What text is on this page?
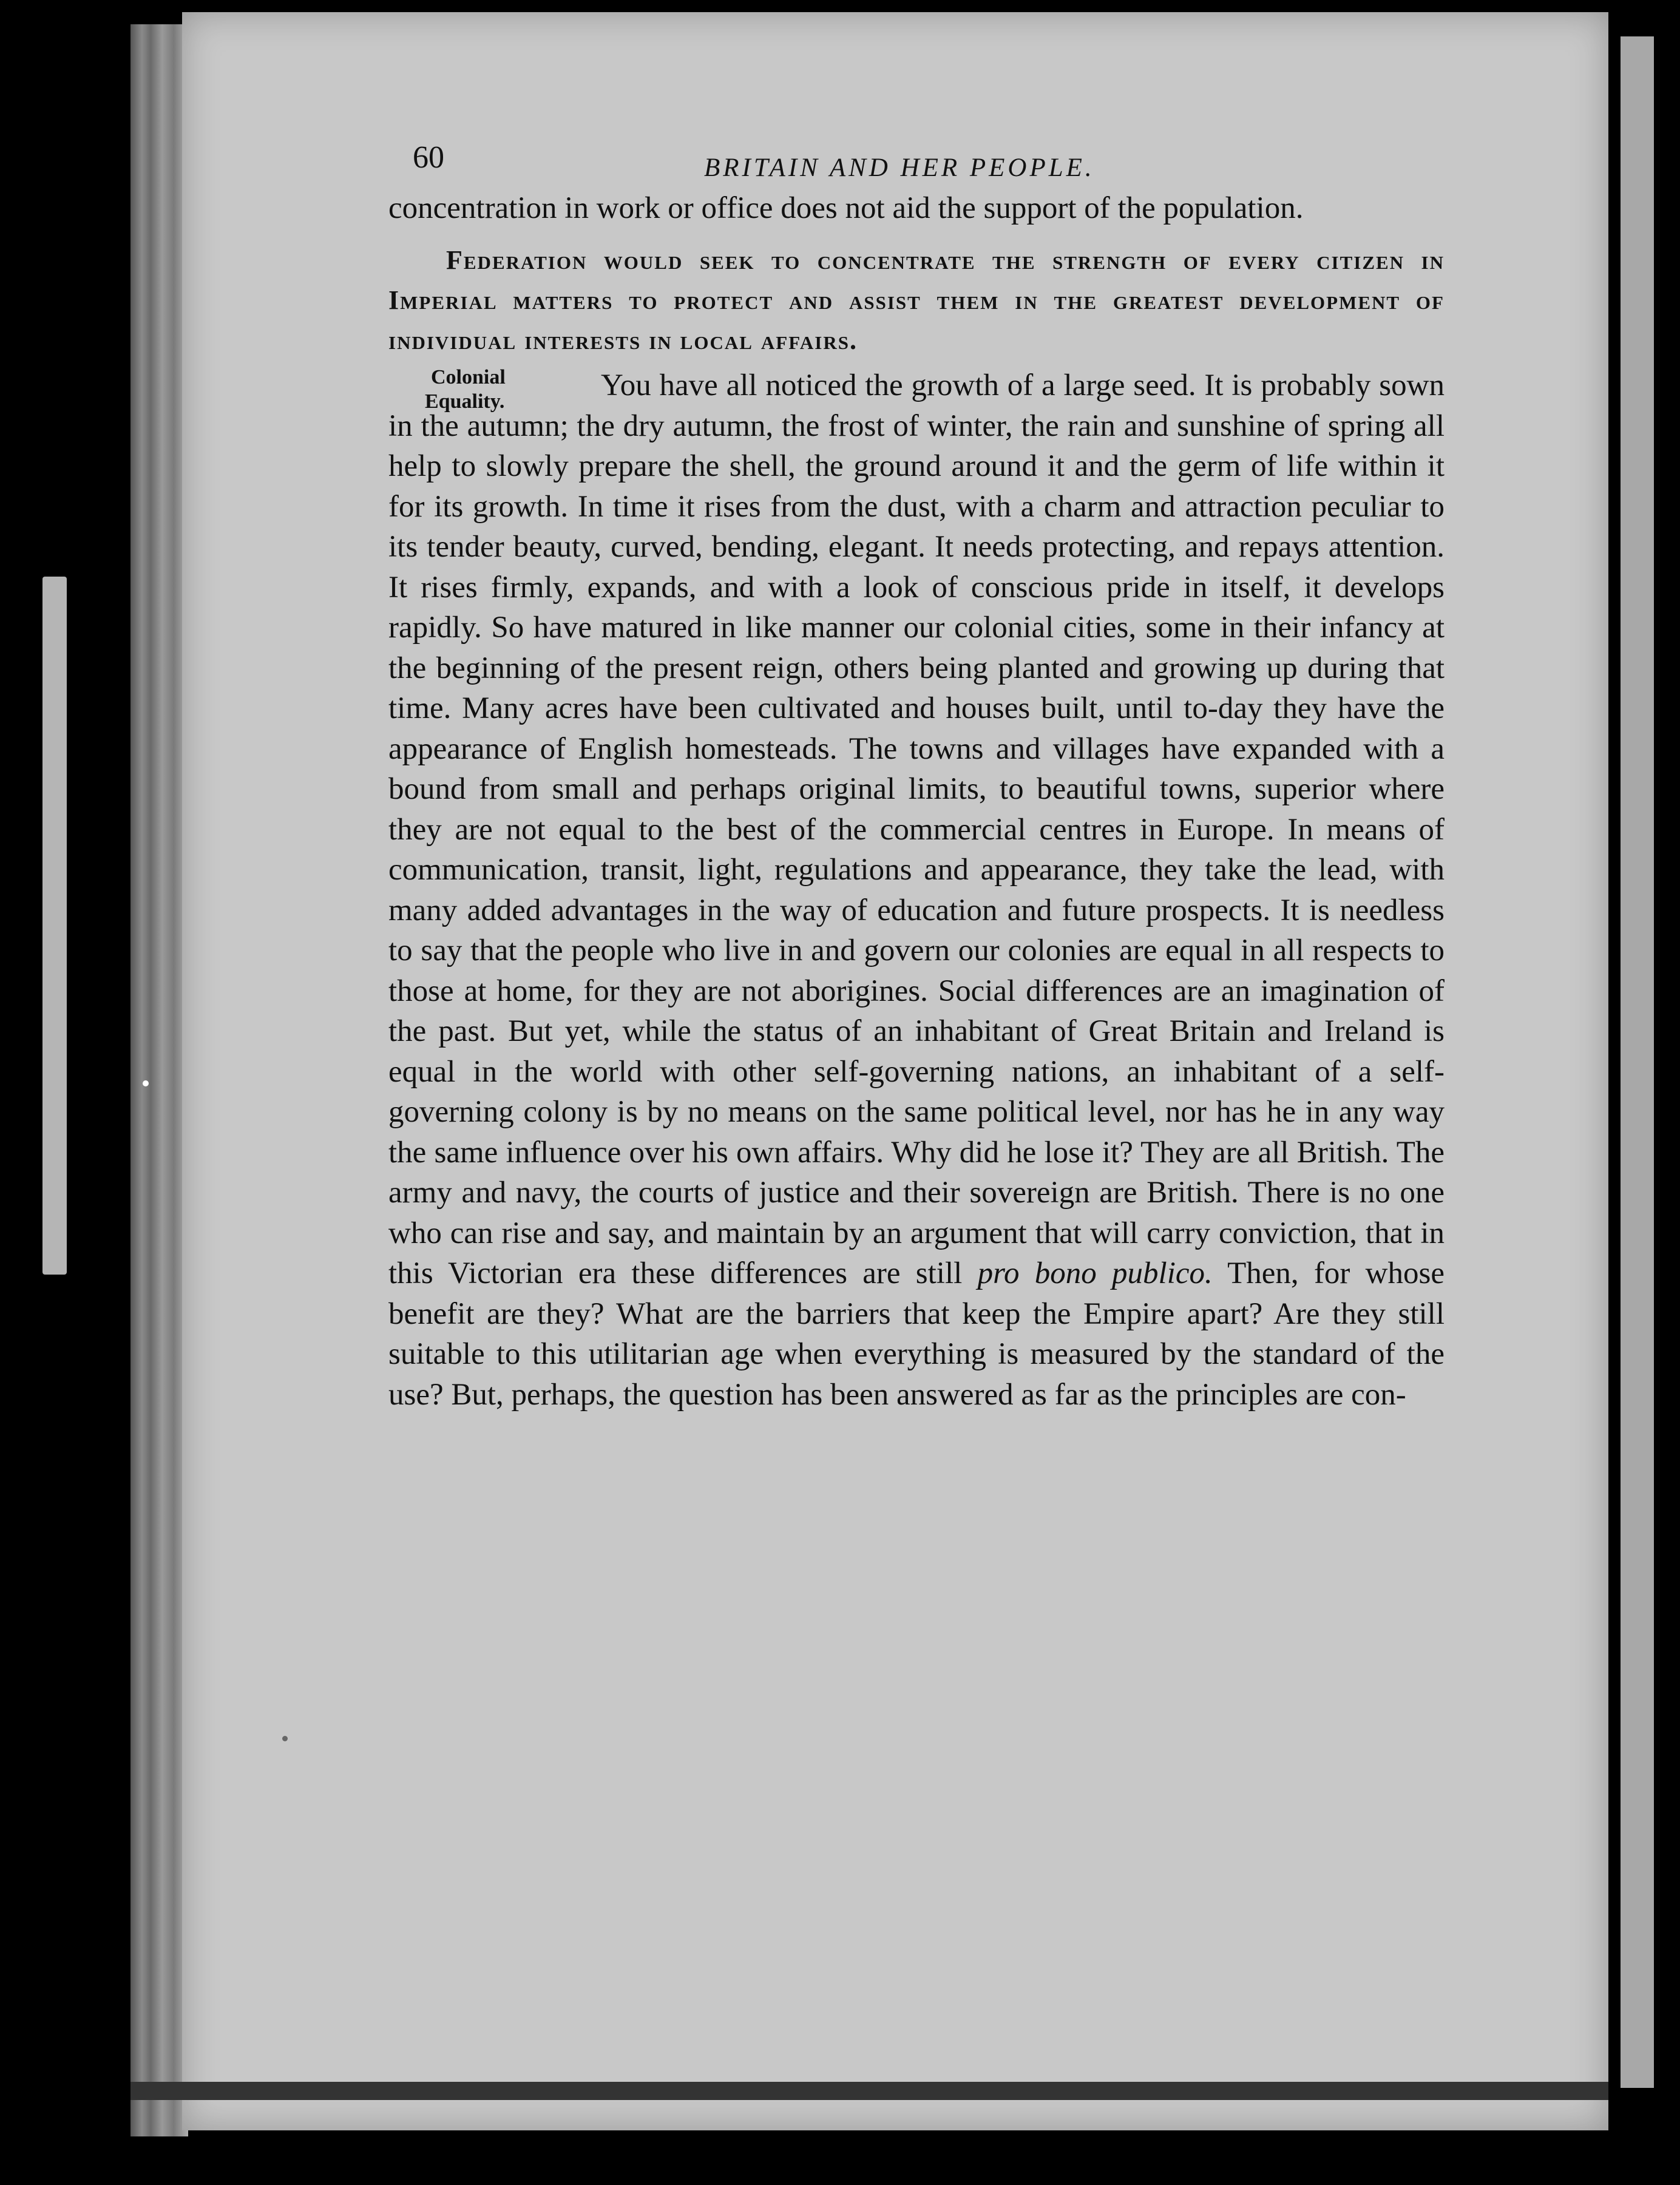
60	BRITAIN AND HER PEOPLE.

concentration in work or office does not aid the support of the population.

Federation would seek to concentrate the strength of every citizen in Imperial matters to protect and assist them in the greatest development of individual interests in local affairs.

Colonial
Equality.	You have all noticed the growth of a large seed. It is probably sown in the autumn; the dry autumn, the frost of winter, the rain and sunshine of spring all help to slowly prepare the shell, the ground around it and the germ of life within it for its growth. In time it rises from the dust, with a charm and attraction peculiar to its tender beauty, curved, bending, elegant. It needs protecting, and repays attention. It rises firmly, expands, and with a look of conscious pride in itself, it develops rapidly. So have matured in like manner our colonial cities, some in their infancy at the beginning of the present reign, others being planted and growing up during that time. Many acres have been cultivated and houses built, until to-day they have the appearance of English homesteads. The towns and villages have expanded with a bound from small and perhaps original limits, to beautiful towns, superior where they are not equal to the best of the commercial centres in Europe. In means of communication, transit, light, regulations and appearance, they take the lead, with many added advantages in the way of education and future prospects. It is needless to say that the people who live in and govern our colonies are equal in all respects to those at home, for they are not aborigines. Social differences are an imagination of the past. But yet, while the status of an inhabitant of Great Britain and Ireland is equal in the world with other self-governing nations, an inhabitant of a self-governing colony is by no means on the same political level, nor has he in any way the same influence over his own affairs. Why did he lose it? They are all British. The army and navy, the courts of justice and their sovereign are British. There is no one who can rise and say, and maintain by an argument that will carry conviction, that in this Victorian era these differences are still pro bono publico. Then, for whose benefit are they? What are the barriers that keep the Empire apart? Are they still suitable to this utilitarian age when everything is measured by the standard of the use? But, perhaps, the question has been answered as far as the principles are con-
